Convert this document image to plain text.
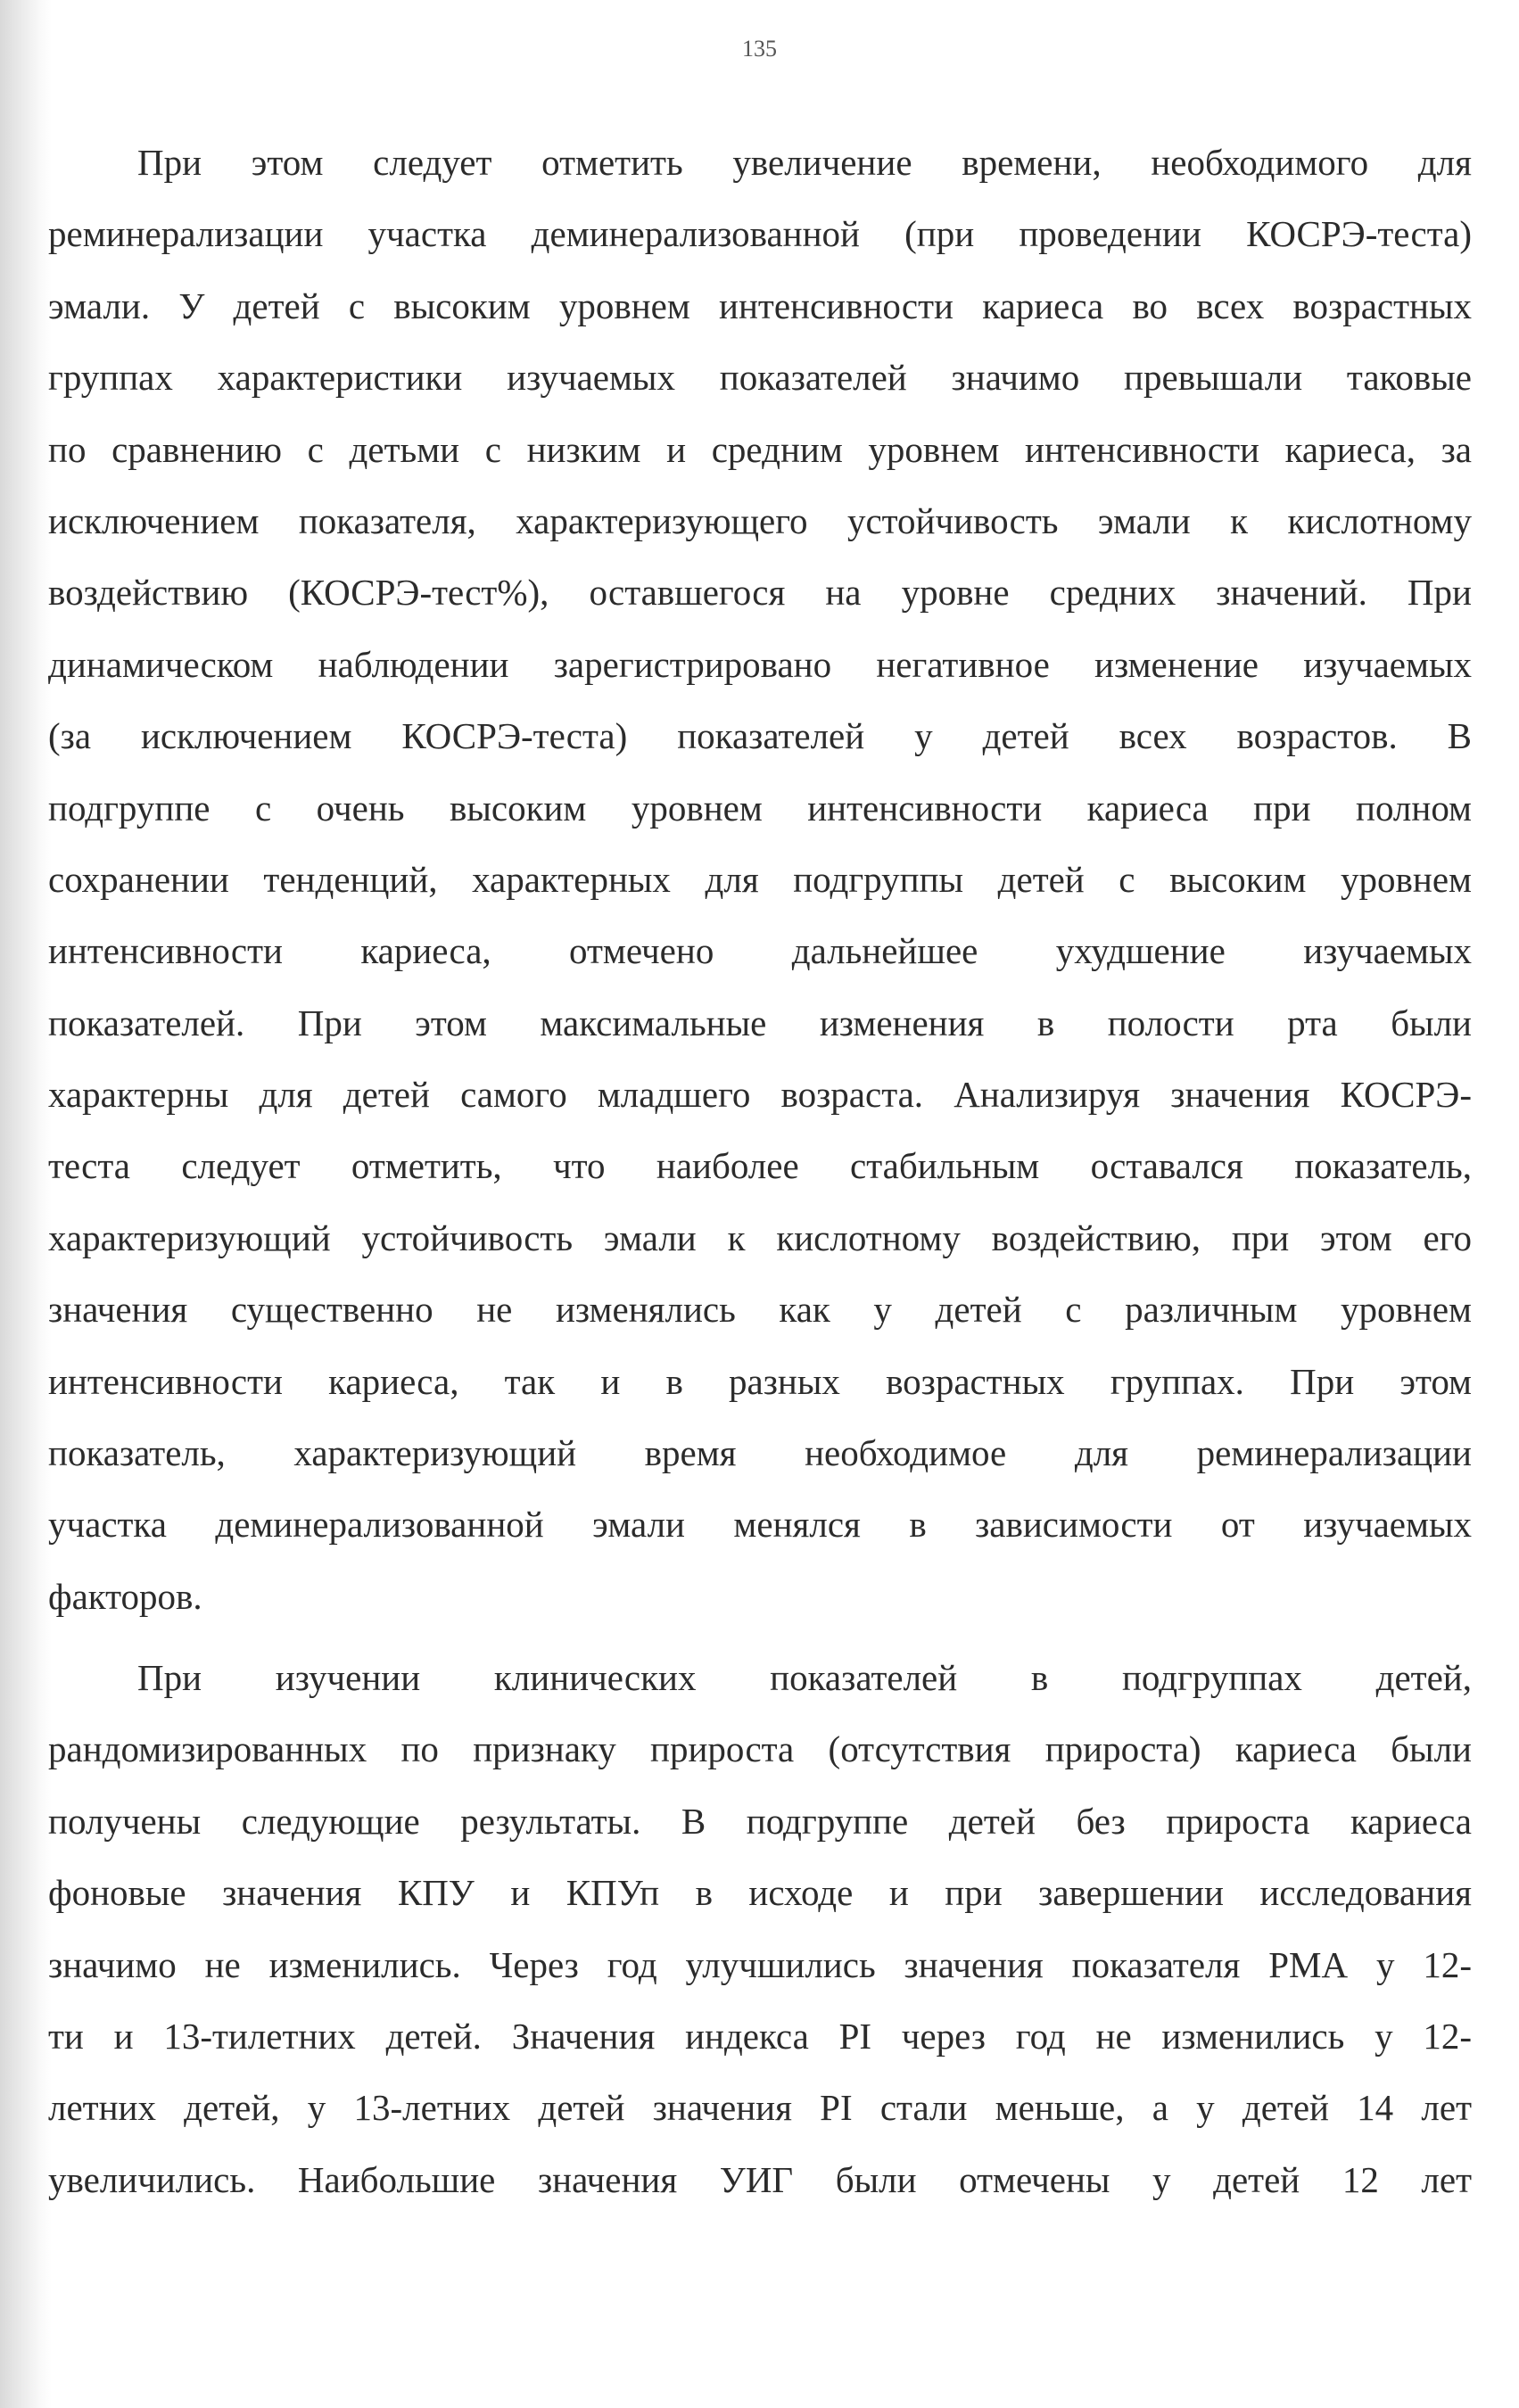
135
При этом следует отметить увеличение времени, необходимого для
реминерализации участка деминерализованной (при проведении КОСРЭ-теста)
эмали. У детей с высоким уровнем интенсивности кариеса во всех возрастных
группах характеристики изучаемых показателей значимо превышали таковые
по сравнению с детьми с низким и средним уровнем интенсивности кариеса, за
исключением показателя, характеризующего устойчивость эмали к кислотному
воздействию (КОСРЭ-тест%), оставшегося на уровне средних значений. При
динамическом наблюдении зарегистрировано негативное изменение изучаемых
(за исключением КОСРЭ-теста) показателей у детей всех возрастов. В
подгруппе с очень высоким уровнем интенсивности кариеса при полном
сохранении тенденций, характерных для подгруппы детей с высоким уровнем
интенсивности кариеса, отмечено дальнейшее ухудшение изучаемых
показателей. При этом максимальные изменения в полости рта были
характерны для детей самого младшего возраста. Анализируя значения КОСРЭ-
теста следует отметить, что наиболее стабильным оставался показатель,
характеризующий устойчивость эмали к кислотному воздействию, при этом его
значения существенно не изменялись как у детей с различным уровнем
интенсивности кариеса, так и в разных возрастных группах. При этом
показатель, характеризующий время необходимое для реминерализации
участка деминерализованной эмали менялся в зависимости от изучаемых
факторов.
При изучении клинических показателей в подгруппах детей,
рандомизированных по признаку прироста (отсутствия прироста) кариеса были
получены следующие результаты. В подгруппе детей без прироста кариеса
фоновые значения КПУ и КПУп в исходе и при завершении исследования
значимо не изменились. Через год улучшились значения показателя РМА у 12-
ти и 13-тилетних детей. Значения индекса PI через год не изменились у 12-
летних детей, у 13-летних детей значения PI стали меньше, а у детей 14 лет
увеличились. Наибольшие значения УИГ были отмечены у детей 12 лет
